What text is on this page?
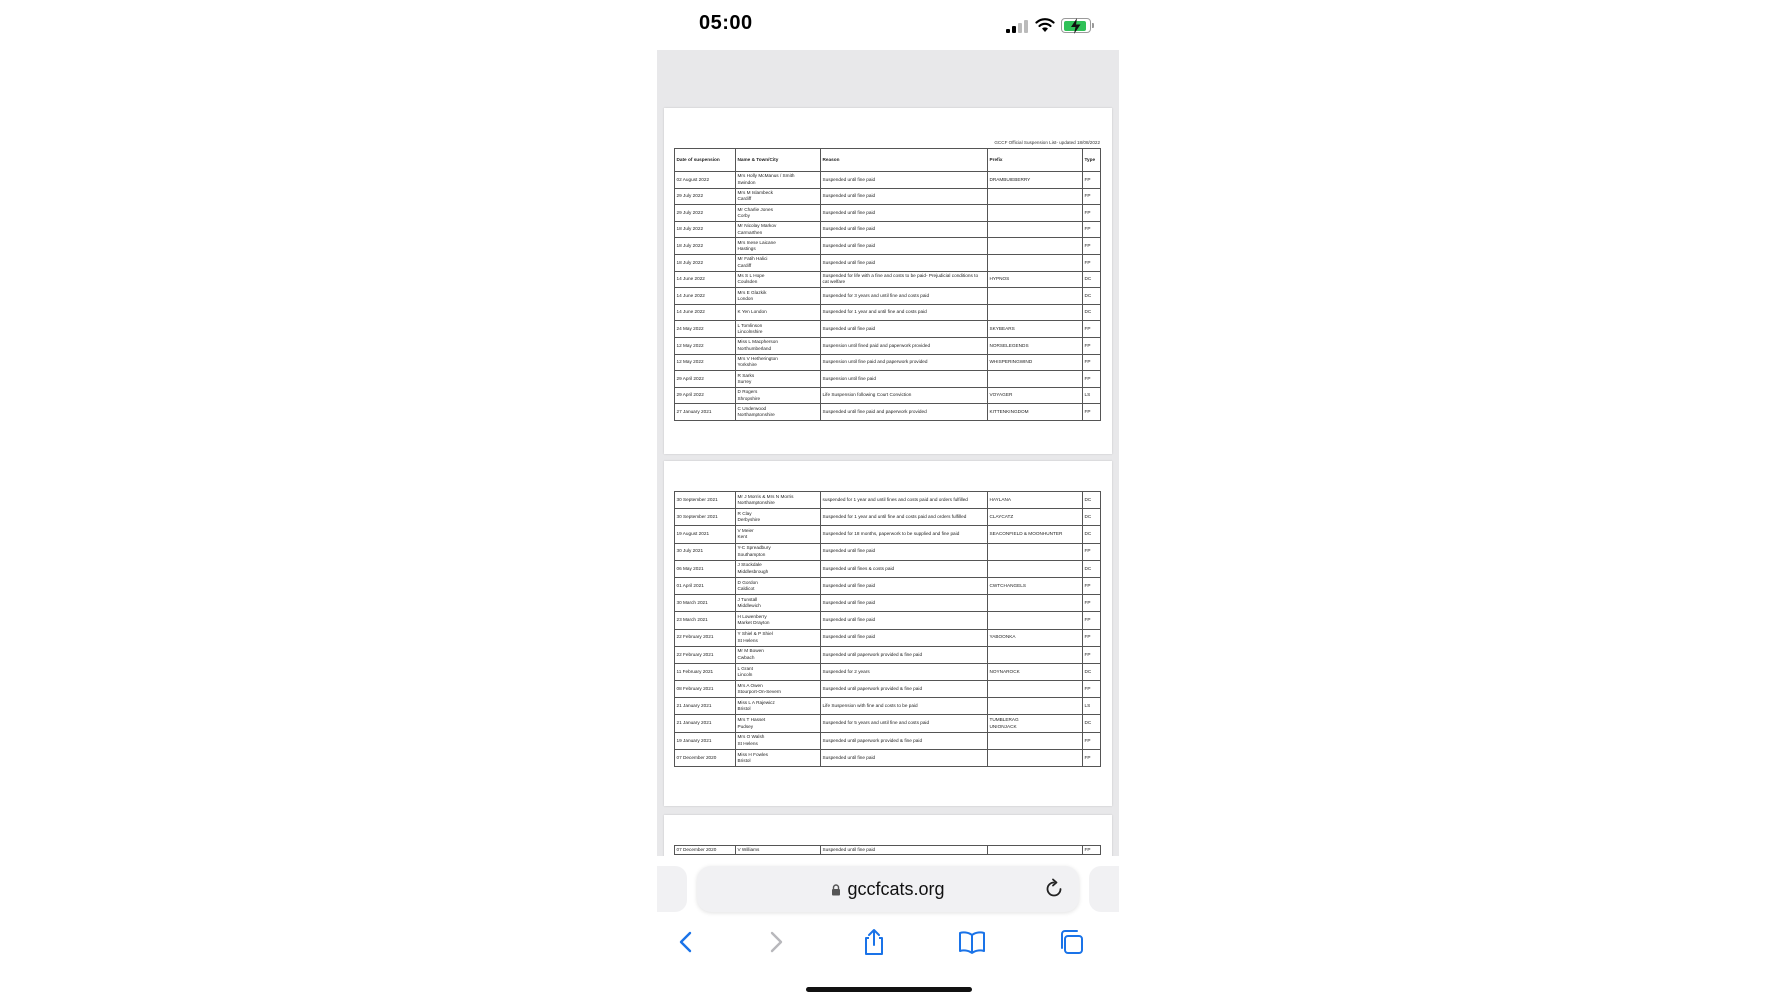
05:00
GCCF Official Suspension List- updated 18/08/2022
Date of suspension	Name & Town/City	Reason	Prefix	Type
02 August 2022	Mrs Holly McManus / Smith
Swindon	Suspended until fine paid	DRAMBUIEBERRY	FP
29 July 2022	Mrs M Islambeck
Cardiff	Suspended until fine paid		FP
29 July 2022	Mr Charlie Jones
Corby	Suspended until fine paid		FP
18 July 2022	Mr Nicolay Markov
Carmarthen	Suspended until fine paid		FP
18 July 2022	Mrs Inese Laicane
Hastings	Suspended until fine paid		FP
18 July 2022	Mr Fatih Halici
Cardiff	Suspended until fine paid		FP
14 June 2022	Ms S L Hope
Coulsden	Suspended for life with a fine and costs to be paid- Prejudicial conditions to cat welfare	HYPNOS	DC
14 June 2022	Mrs E Glazkik
London	Suspended for 3 years and until fine and costs paid		DC
14 June 2022	K Yen London	Suspended for 1 year and until fine and costs paid		DC
24 May 2022	L Tomlinson
Lincolnshire	Suspended until fine paid	SKYBEARS	FP
12 May 2022	Miss L Macpherson
Northumberland	Suspension until fined paid and paperwork provided	NORSELEGENDS	FP
12 May 2022	Mrs V Hetherington
Yorkshire	Suspension until fine paid and paperwork provided	WHISPERINGWIND	FP
29 April 2022	R Sarks
Surrey	Suspension until fine paid		FP
29 April 2022	D Rogers
Shropshire	Life Suspension following Court Conviction	VOYAGER	LS
27 January 2021	C Underwood
Northamptonshire	Suspended until fine paid and paperwork provided	KITTENKINGDOM	FP
30 September 2021	Mr J Morris & Mrs N Morris
Northamptonshire	suspended for 1 year and until fines and costs paid and orders fulfilled	HAYLANA	DC
30 September 2021	R Clay
Derbyshire	Suspended for 1 year and until fine and costs paid and orders fulfilled	CLAYCATZ	DC
19 August 2021	V Meier
Kent	Suspended for 18 months, paperwork to be supplied and fine paid	SEACONFIELD & MOONHUNTER	DC
30 July 2021	Y-C Spreadbury
Southampton	Suspended until fine paid		FP
06 May 2021	J Stockdale
Middlesbrough	Suspended until fines & costs paid		DC
01 April 2021	D Gordon
Caldicot	Suspended until fine paid	CWTCHANGELS	FP
30 March 2021	J Tunstall
Middlewich	Suspended until fine paid		FP
23 March 2021	H Lowenberry
Market Drayton	Suspended until fine paid		FP
22 February 2021	Y Shiel & P Shiel
St Helens	Suspended until fine paid	YABOONKA	FP
22 February 2021	Mr M Bowen
Cwbach	Suspended until paperwork provided & fine paid		FP
11 February 2021	L Grant
Lincoln	Suspended for 2 years	NOYNAROCK	DC
08 February 2021	Mrs A Owen
Stourport-On-Severn	Suspended until paperwork provided & fine paid		FP
21 January 2021	Miss L A Rajewicz
Bristol	Life Suspension with fine and costs to be paid		LS
21 January 2021	Mrs T Hasset
Pudsey	Suspended for 5 years and until fine and costs paid	TUMBLERAG
UNIONJACK	DC
19 January 2021	Mrs O Walsh
St Helens	Suspended until paperwork provided & fine paid		FP
07 December 2020	Miss H Fowles
Bristol	Suspended until fine paid		FP
07 December 2020	V Williams	Suspended until fine paid		FP
gccfcats.org
